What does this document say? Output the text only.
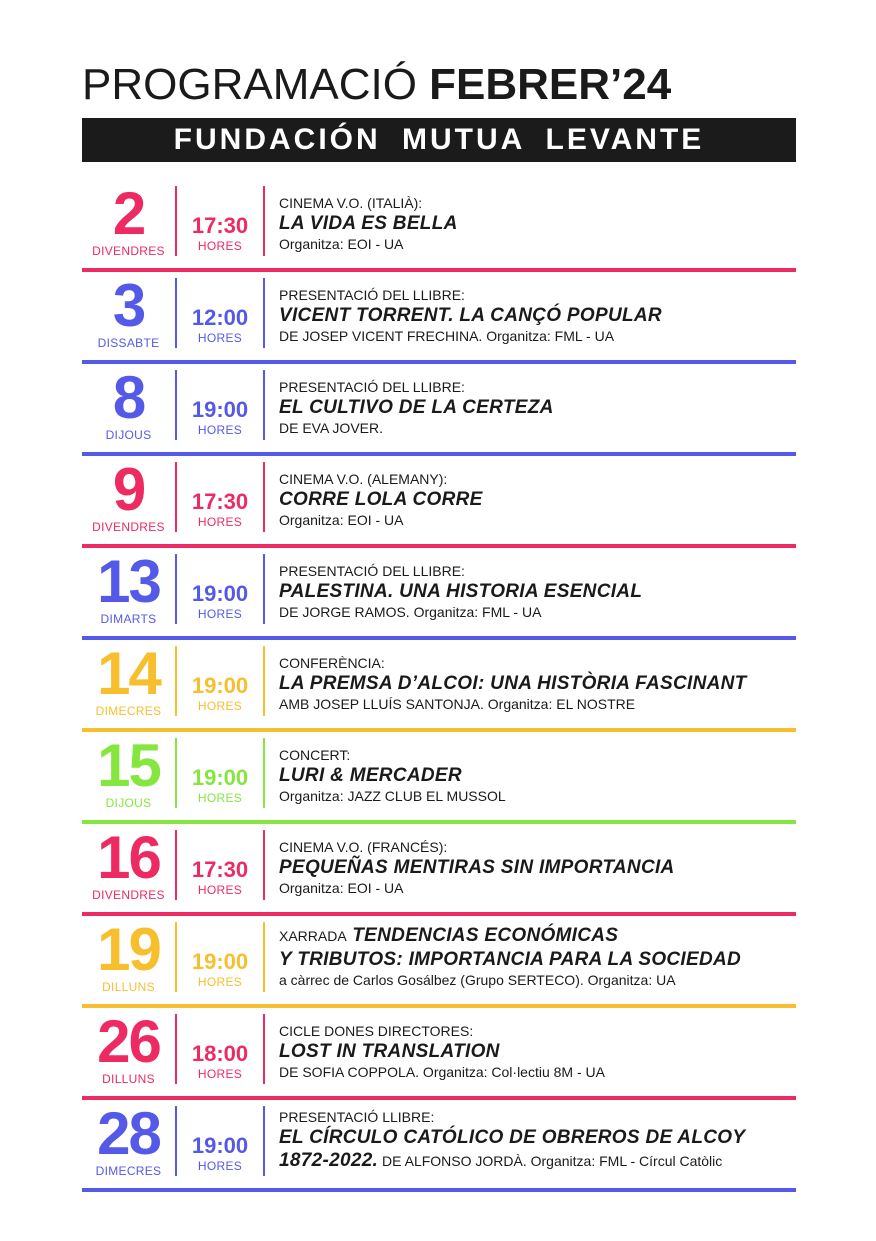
PROGRAMACIÓ FEBRER’24
FUNDACIÓN MUTUA LEVANTE
2
DIVENDRES
17:30
HORES
CINEMA V.O. (ITALIÀ):
LA VIDA ES BELLA
Organitza: EOI - UA
3
DISSABTE
12:00
HORES
PRESENTACIÓ DEL LLIBRE:
VICENT TORRENT. LA CANÇÓ POPULAR
DE JOSEP VICENT FRECHINA. Organitza: FML - UA
8
DIJOUS
19:00
HORES
PRESENTACIÓ DEL LLIBRE:
EL CULTIVO DE LA CERTEZA
DE EVA JOVER.
9
DIVENDRES
17:30
HORES
CINEMA V.O. (ALEMANY):
CORRE LOLA CORRE
Organitza: EOI - UA
13
DIMARTS
19:00
HORES
PRESENTACIÓ DEL LLIBRE:
PALESTINA. UNA HISTORIA ESENCIAL
DE JORGE RAMOS. Organitza: FML - UA
14
DIMECRES
19:00
HORES
CONFERÈNCIA:
LA PREMSA D’ALCOI: UNA HISTÒRIA FASCINANT
AMB JOSEP LLUÍS SANTONJA. Organitza: EL NOSTRE
15
DIJOUS
19:00
HORES
CONCERT:
LURI & MERCADER
Organitza: JAZZ CLUB EL MUSSOL
16
DIVENDRES
17:30
HORES
CINEMA V.O. (FRANCÉS):
PEQUEÑAS MENTIRAS SIN IMPORTANCIA
Organitza: EOI - UA
19
DILLUNS
19:00
HORES
XARRADA TENDENCIAS ECONÓMICAS
Y TRIBUTOS: IMPORTANCIA PARA LA SOCIEDAD
a càrrec de Carlos Gosálbez (Grupo SERTECO). Organitza: UA
26
DILLUNS
18:00
HORES
CICLE DONES DIRECTORES:
LOST IN TRANSLATION
DE SOFIA COPPOLA. Organitza: Col·lectiu 8M - UA
28
DIMECRES
19:00
HORES
PRESENTACIÓ LLIBRE:
EL CÍRCULO CATÓLICO DE OBREROS DE ALCOY
1872-2022. DE ALFONSO JORDÀ. Organitza: FML - Círcul Catòlic
